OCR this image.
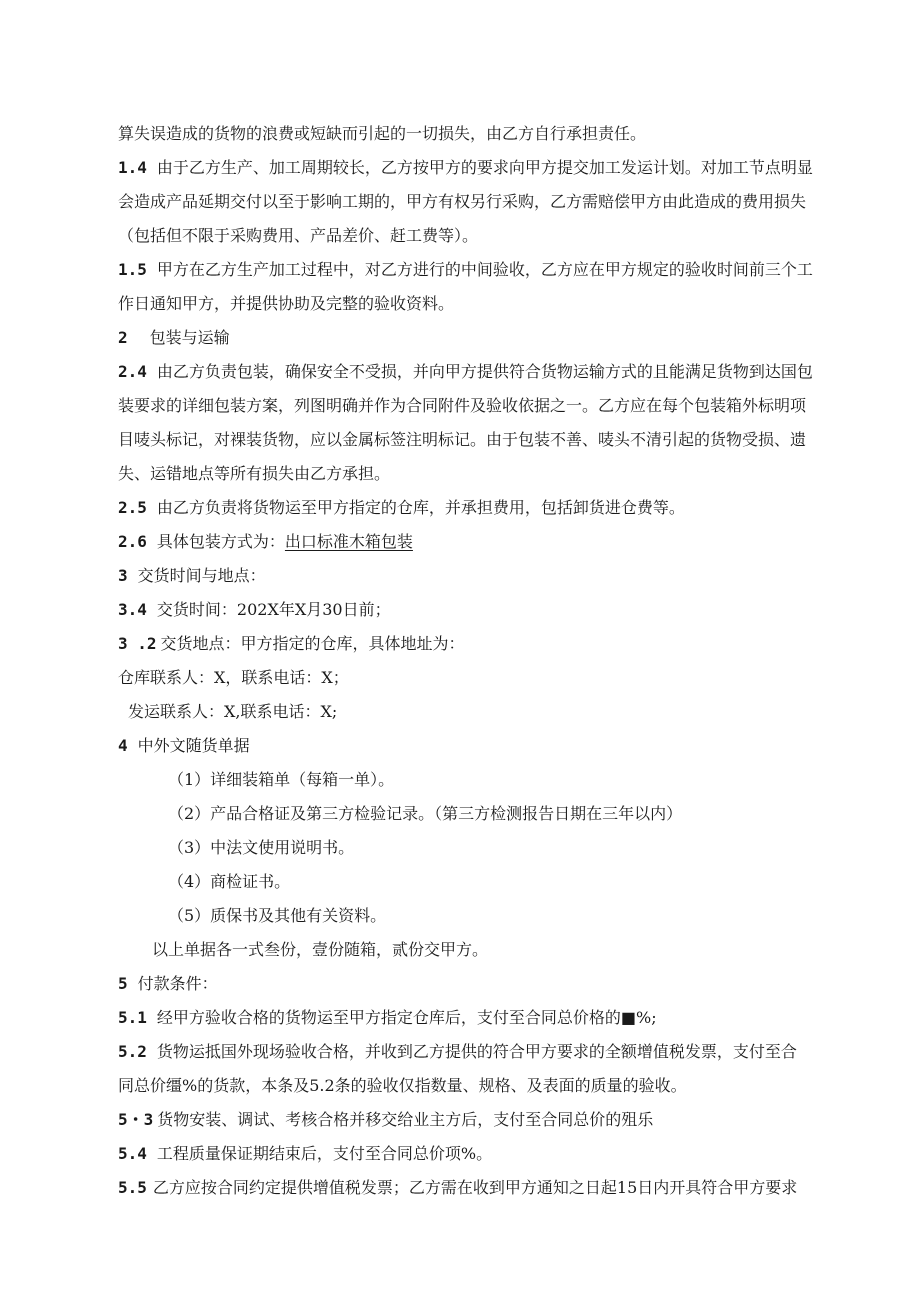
算失误造成的货物的浪费或短缺而引起的一切损失，由乙方自行承担责任。
1.4 由于乙方生产、加工周期较长，乙方按甲方的要求向甲方提交加工发运计划。对加工节点明显
会造成产品延期交付以至于影响工期的，甲方有权另行采购，乙方需赔偿甲方由此造成的费用损失
（包括但不限于采购费用、产品差价、赶工费等）。
1.5 甲方在乙方生产加工过程中，对乙方进行的中间验收，乙方应在甲方规定的验收时间前三个工
作日通知甲方，并提供协助及完整的验收资料。
2 包装与运输
2.4 由乙方负责包装，确保安全不受损，并向甲方提供符合货物运输方式的且能满足货物到达国包
装要求的详细包装方案，列图明确并作为合同附件及验收依据之一。乙方应在每个包装箱外标明项
目唛头标记，对裸装货物，应以金属标签注明标记。由于包装不善、唛头不清引起的货物受损、遗
失、运错地点等所有损失由乙方承担。
2.5 由乙方负责将货物运至甲方指定的仓库，并承担费用，包括卸货进仓费等。
2.6 具体包装方式为：出口标准木箱包装
3 交货时间与地点：
3.4 交货时间：202X年X月30日前；
3 .2 交货地点：甲方指定的仓库，具体地址为：
仓库联系人：X，联系电话：X；
发运联系人：X,联系电话：X;
4 中外文随货单据
（1）详细装箱单（每箱一单）。
（2）产品合格证及第三方检验记录。（第三方检测报告日期在三年以内）
（3）中法文使用说明书。
（4）商检证书。
（5）质保书及其他有关资料。
以上单据各一式叁份，壹份随箱，贰份交甲方。
5 付款条件：
5.1 经甲方验收合格的货物运至甲方指定仓库后，支付至合同总价格的■%;
5.2 货物运抵国外现场验收合格，并收到乙方提供的符合甲方要求的全额增值税发票，支付至合
同总价缰%的货款，本条及5.2条的验收仅指数量、规格、及表面的质量的验收。
5・3 货物安装、调试、考核合格并移交给业主方后，支付至合同总价的殂乐
5.4 工程质量保证期结束后，支付至合同总价项%。
5.5 乙方应按合同约定提供增值税发票；乙方需在收到甲方通知之日起15日内开具符合甲方要求
